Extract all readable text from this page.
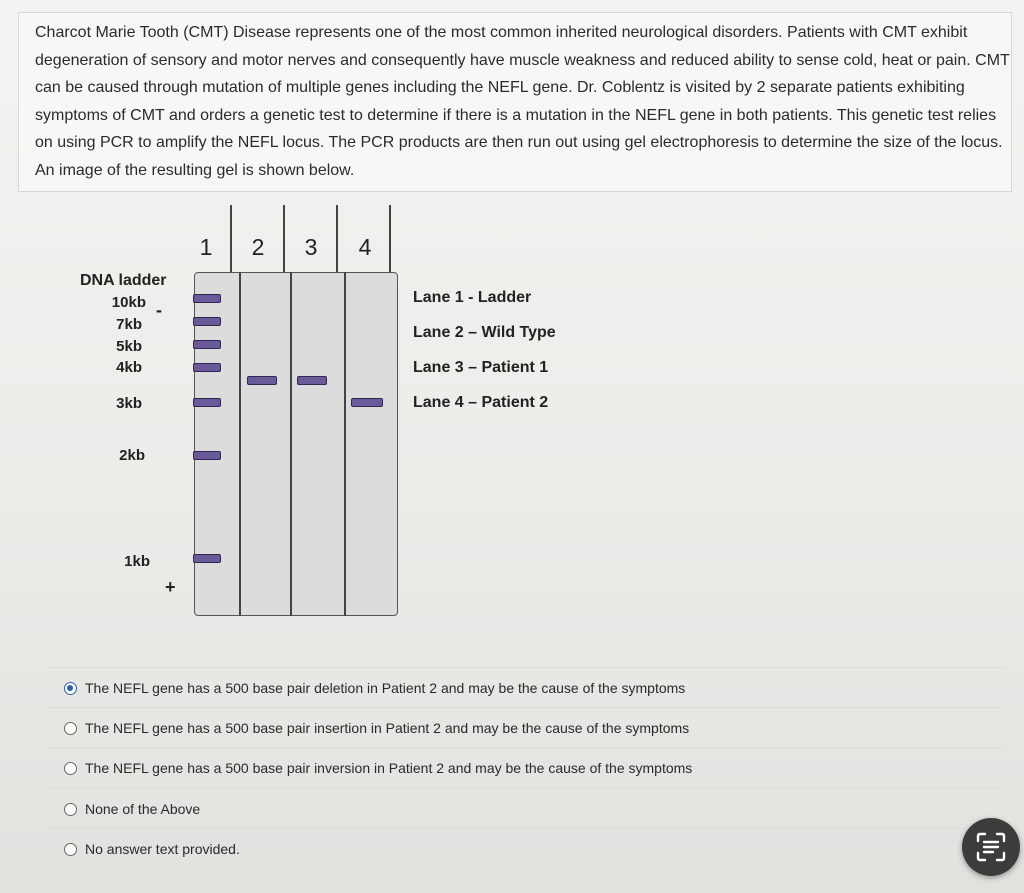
Charcot Marie Tooth (CMT) Disease represents one of the most common inherited neurological disorders. Patients with CMT exhibit degeneration of sensory and motor nerves and consequently have muscle weakness and reduced ability to sense cold, heat or pain. CMT can be caused through mutation of multiple genes including the NEFL gene. Dr. Coblentz is visited by 2 separate patients exhibiting symptoms of CMT and orders a genetic test to determine if there is a mutation in the NEFL gene in both patients. This genetic test relies on using PCR to amplify the NEFL locus. The PCR products are then run out using gel electrophoresis to determine the size of the locus. An image of the resulting gel is shown below.

1 2 3 4
DNA ladder
10kb
7kb
5kb
4kb
3kb
2kb
1kb
-
+
Lane 1 - Ladder
Lane 2 – Wild Type
Lane 3 – Patient 1
Lane 4 – Patient 2
The NEFL gene has a 500 base pair deletion in Patient 2 and may be the cause of the symptoms
The NEFL gene has a 500 base pair insertion in Patient 2 and may be the cause of the symptoms
The NEFL gene has a 500 base pair inversion in Patient 2 and may be the cause of the symptoms
None of the Above
No answer text provided.
